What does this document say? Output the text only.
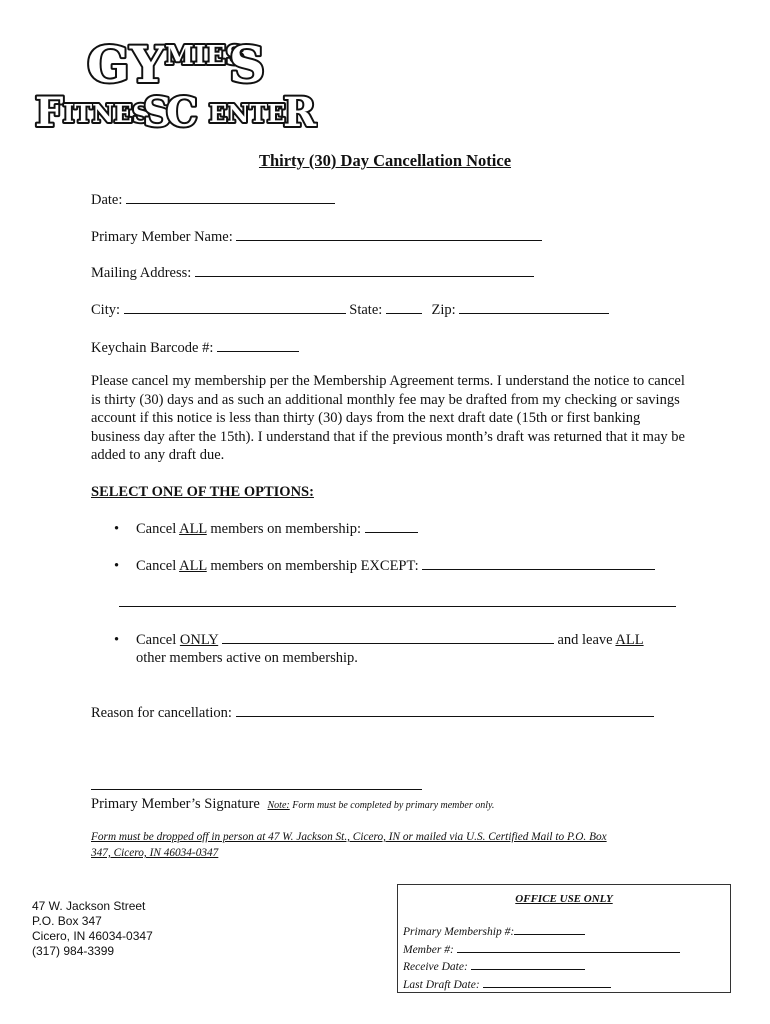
GY MIES
S
F ITNES
S
C ENTE
R
Thirty (30) Day Cancellation Notice
Date:
Primary Member Name:
Mailing Address:
City:	State:	Zip:
Keychain Barcode #:
Please cancel my membership per the Membership Agreement terms. I understand the notice to cancel is thirty (30) days and as such an additional monthly fee may be drafted from my checking or savings account if this notice is less than thirty (30) days from the next draft date (15th or first banking business day after the 15th). I understand that if the previous month’s draft was returned that it may be added to any draft due.
SELECT ONE OF THE OPTIONS:
• Cancel ALL members on membership:
• Cancel ALL members on membership EXCEPT:
• Cancel ONLY	and leave ALL
other members active on membership.
Reason for cancellation:
Primary Member’s Signature Note: Form must be completed by primary member only.
Form must be dropped off in person at 47 W. Jackson St., Cicero, IN or mailed via U.S. Certified Mail to P.O. Box
347, Cicero, IN 46034-0347
47 W. Jackson Street
P.O. Box 347
Cicero, IN 46034-0347
(317) 984-3399
OFFICE USE ONLY
Primary Membership #:
Member #:
Receive Date:
Last Draft Date:
